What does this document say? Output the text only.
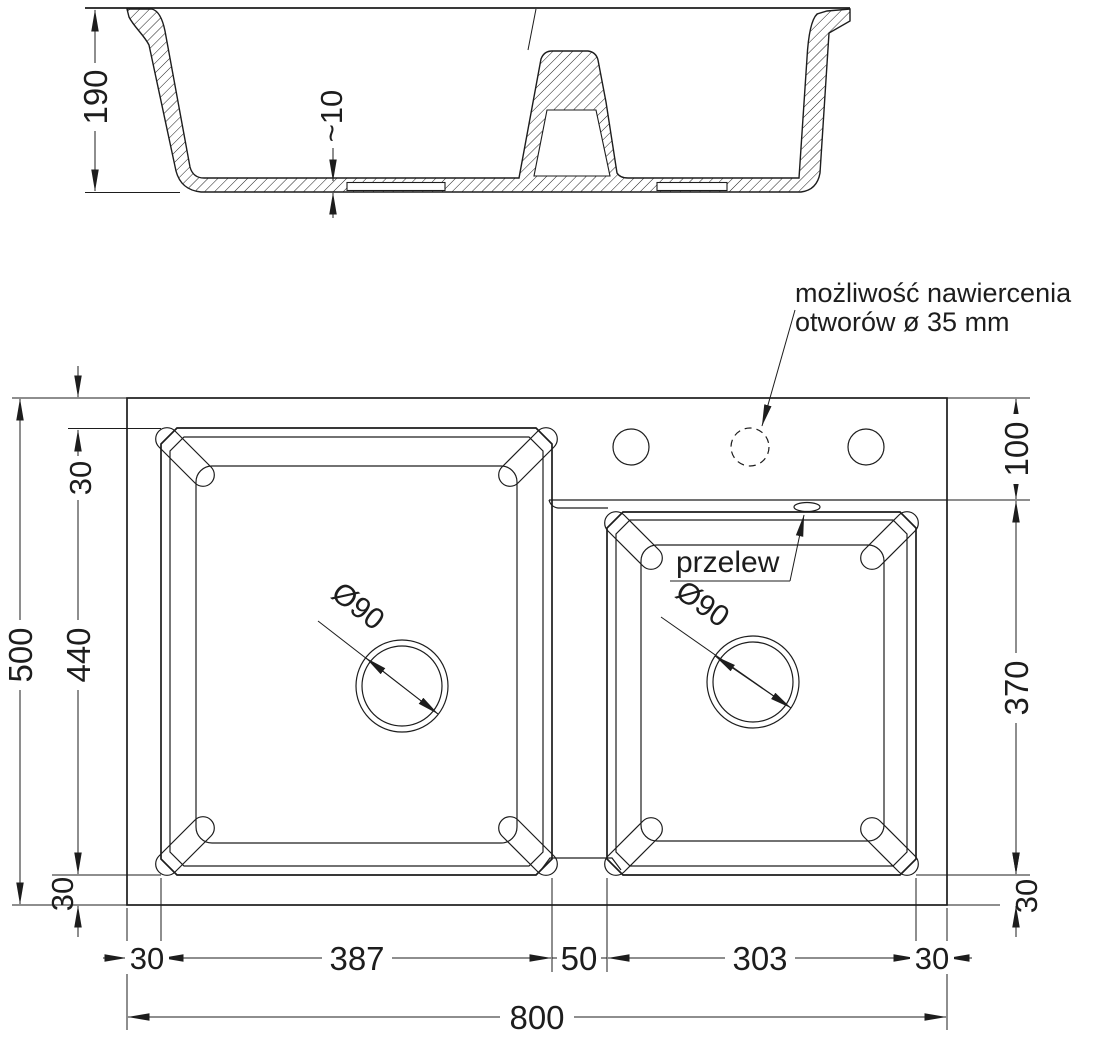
190	~10
możliwość nawiercenia
otworów ø 35 mm
przelew
Ø90	Ø90
500 440
30
30
100
370
30
30	387	50	303	30
800
